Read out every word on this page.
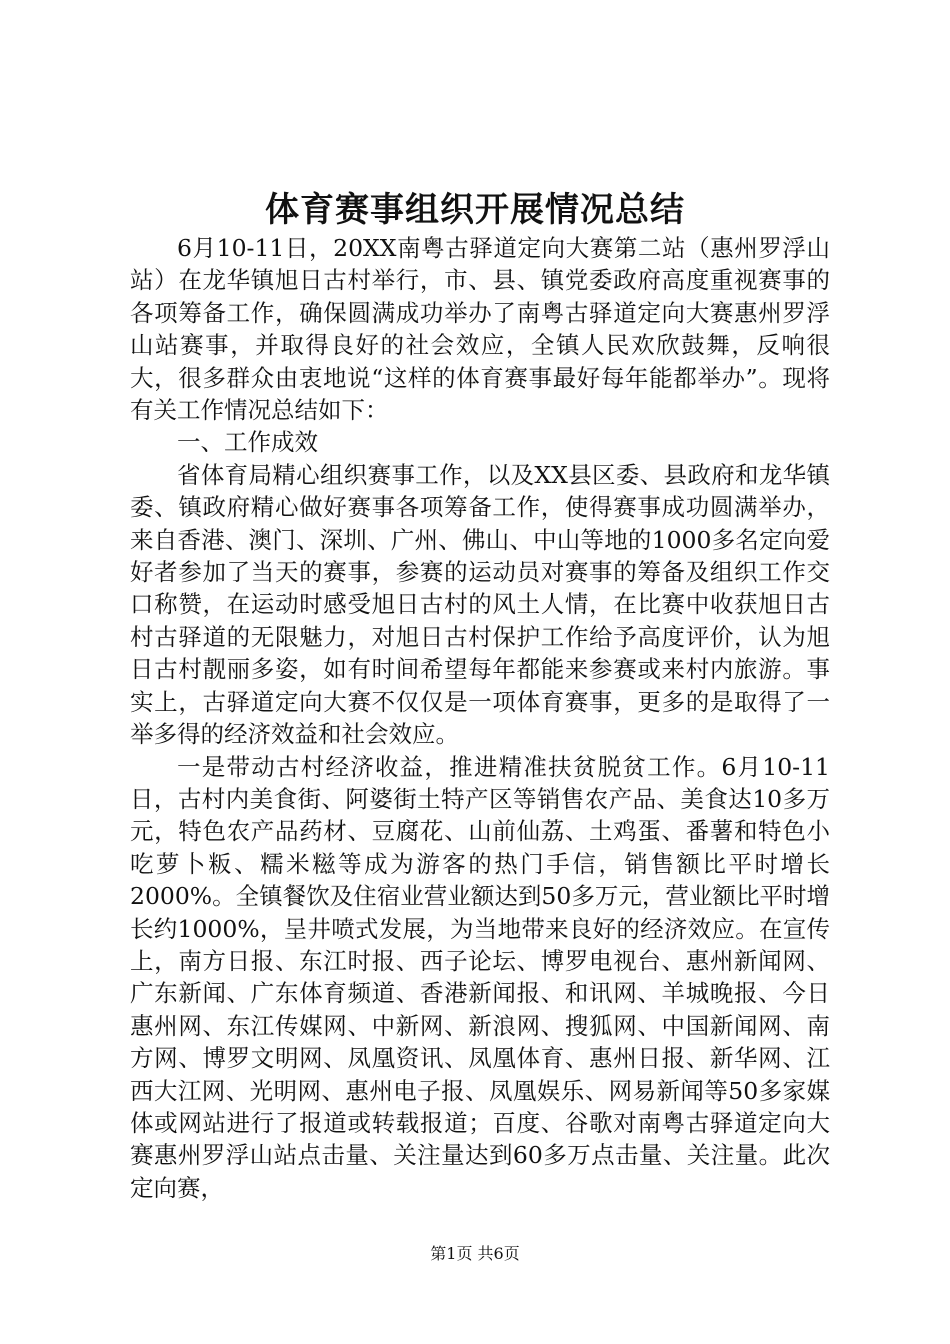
体育赛事组织开展情况总结

6月10-11日，20XX南粤古驿道定向大赛第二站（惠州罗浮山站）在龙华镇旭日古村举行，市、县、镇党委政府高度重视赛事的各项筹备工作，确保圆满成功举办了南粤古驿道定向大赛惠州罗浮山站赛事，并取得良好的社会效应，全镇人民欢欣鼓舞，反响很大，很多群众由衷地说“这样的体育赛事最好每年能都举办”。现将有关工作情况总结如下：

一、工作成效

省体育局精心组织赛事工作，以及XX县区委、县政府和龙华镇委、镇政府精心做好赛事各项筹备工作，使得赛事成功圆满举办，来自香港、澳门、深圳、广州、佛山、中山等地的1000多名定向爱好者参加了当天的赛事，参赛的运动员对赛事的筹备及组织工作交口称赞，在运动时感受旭日古村的风土人情，在比赛中收获旭日古村古驿道的无限魅力，对旭日古村保护工作给予高度评价，认为旭日古村靓丽多姿，如有时间希望每年都能来参赛或来村内旅游。事实上，古驿道定向大赛不仅仅是一项体育赛事，更多的是取得了一举多得的经济效益和社会效应。

一是带动古村经济收益，推进精准扶贫脱贫工作。6月10-11日，古村内美食街、阿婆街土特产区等销售农产品、美食达10多万元，特色农产品药材、豆腐花、山前仙荔、土鸡蛋、番薯和特色小吃萝卜粄、糯米糍等成为游客的热门手信，销售额比平时增长2000%。全镇餐饮及住宿业营业额达到50多万元，营业额比平时增长约1000%，呈井喷式发展，为当地带来良好的经济效应。在宣传上，南方日报、东江时报、西子论坛、博罗电视台、惠州新闻网、广东新闻、广东体育频道、香港新闻报、和讯网、羊城晚报、今日惠州网、东江传媒网、中新网、新浪网、搜狐网、中国新闻网、南方网、博罗文明网、凤凰资讯、凤凰体育、惠州日报、新华网、江西大江网、光明网、惠州电子报、凤凰娱乐、网易新闻等50多家媒体或网站进行了报道或转载报道；百度、谷歌对南粤古驿道定向大赛惠州罗浮山站点击量、关注量达到60多万点击量、关注量。此次定向赛，

第1页 共6页
